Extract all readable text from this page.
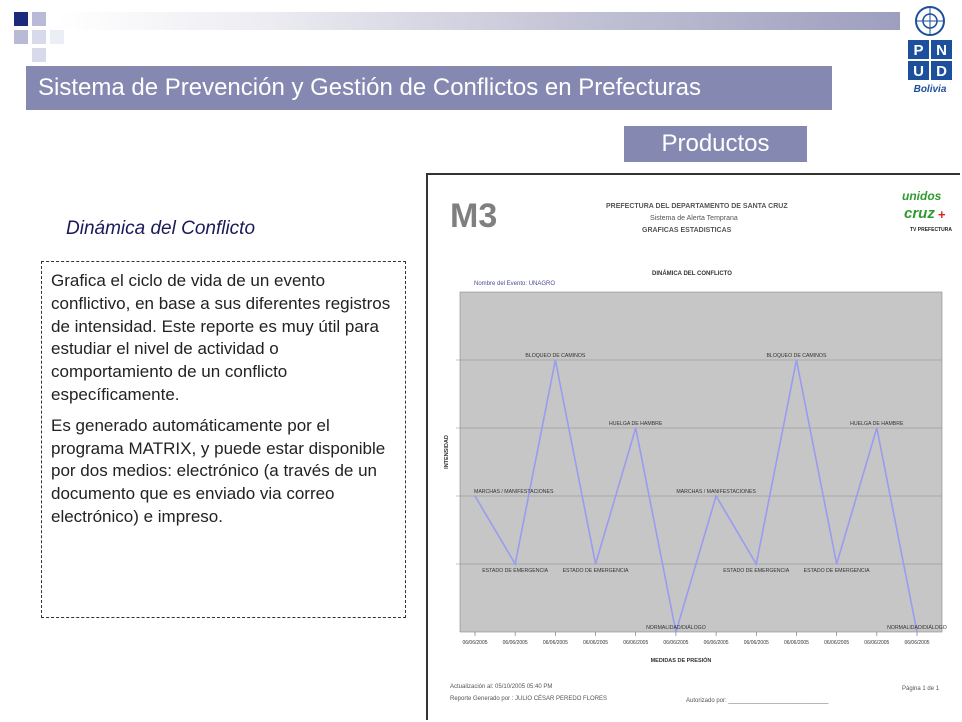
Sistema de Prevención y Gestión de Conflictos en Prefecturas
P N
U D
Bolivia
Productos
Dinámica del Conflicto

Grafica el ciclo de vida de un evento conflictivo, en base a sus diferentes registros de intensidad. Este reporte es muy útil para estudiar el nivel de actividad o comportamiento de un conflicto específicamente.

Es generado automáticamente por el programa MATRIX, y puede estar disponible por dos medios: electrónico (a través de un documento que es enviado via correo electrónico) e impreso.

M3	PREFECTURA DEL DEPARTAMENTO DE SANTA CRUZ
Sistema de Alerta Temprana
GRAFICAS ESTADISTICAS
unidos
cruz +
TV PREFECTURA
DINÁMICA DEL CONFLICTO
Nombre del Evento: UNAGRO
MARCHAS / MANIFESTACIONES
ESTADO DE EMERGENCIA
BLOQUEO DE CAMINOS
ESTADO DE EMERGENCIA
HUELGA DE HAMBRE
NORMALIDAD/DIÁLOGO
MARCHAS / MANIFESTACIONES
ESTADO DE EMERGENCIA
BLOQUEO DE CAMINOS
ESTADO DE EMERGENCIA
HUELGA DE HAMBRE
NORMALIDAD/DIÁLOGO
06/06/2005	06/06/2005	06/06/2005	06/06/2005	06/06/2005	06/06/2005	06/06/2005	06/06/2005	06/06/2005	06/06/2005	06/06/2005	06/06/2005
MEDIDAS DE PRESIÓN
INTENSIDAD
Actualización al: 05/10/2005 05:40 PM
Reporte Generado por : JULIO CÉSAR PEREDO FLORES	Autorizado por: ______________________________
Página 1 de 1
